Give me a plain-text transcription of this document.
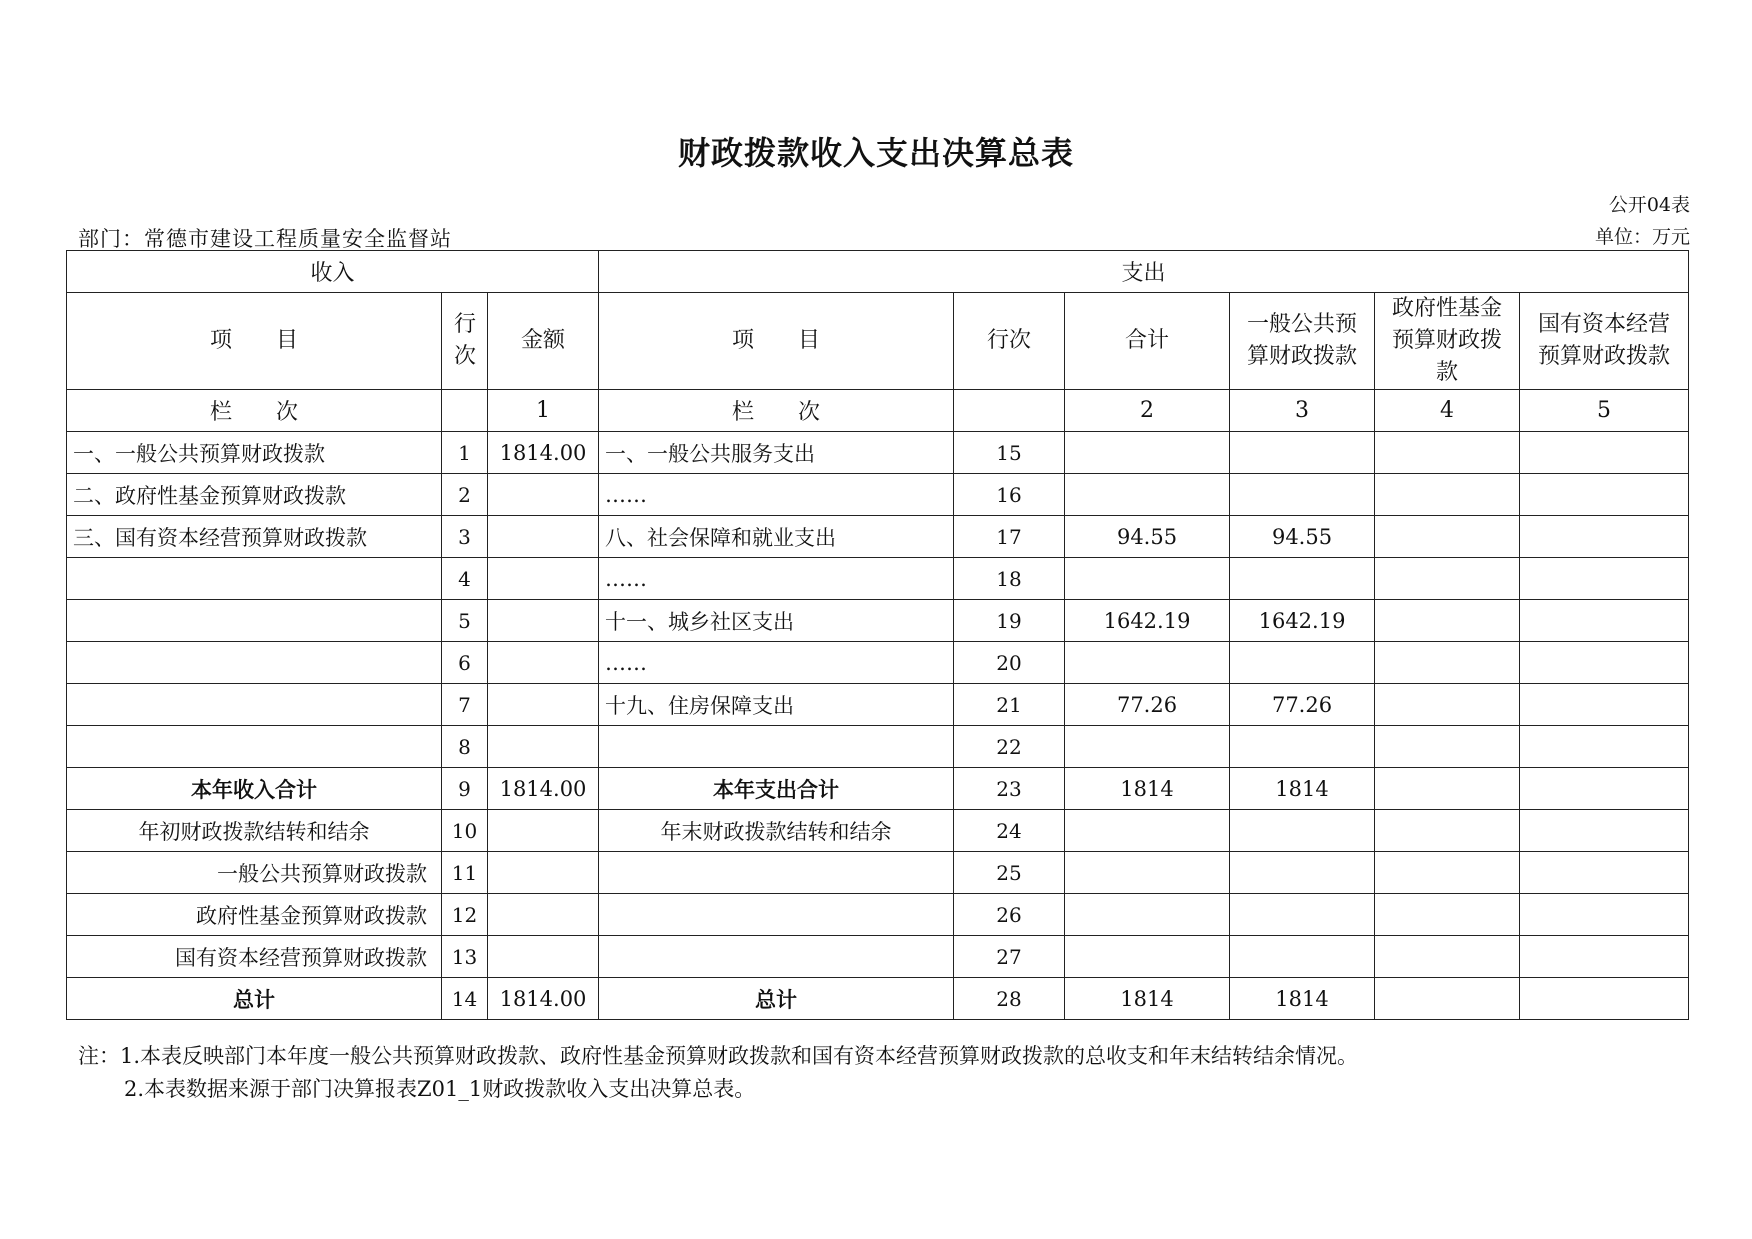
财政拨款收入支出决算总表
公开04表
部门：常德市建设工程质量安全监督站	单位：万元
收入			支出					
项　　目	行次	金额	项　　目	行次	合计	一般公共预算财政拨款	政府性基金预算财政拨款	国有资本经营预算财政拨款
栏　　次		1	栏　　次		2	3	4	5
一、一般公共预算财政拨款	1	1814.00	一、一般公共服务支出	15				
二、政府性基金预算财政拨款	2		……	16				
三、国有资本经营预算财政拨款	3		八、社会保障和就业支出	17	94.55	94.55		
	4		……	18				
	5		十一、城乡社区支出	19	1642.19	1642.19		
	6		……	20				
	7		十九、住房保障支出	21	77.26	77.26		
	8			22				
本年收入合计	9	1814.00	本年支出合计	23	1814	1814		
年初财政拨款结转和结余	10		年末财政拨款结转和结余	24				
一般公共预算财政拨款	11			25				
政府性基金预算财政拨款	12			26				
国有资本经营预算财政拨款	13			27				
总计	14	1814.00	总计	28	1814	1814		
注：1.本表反映部门本年度一般公共预算财政拨款、政府性基金预算财政拨款和国有资本经营预算财政拨款的总收支和年末结转结余情况。
2.本表数据来源于部门决算报表Z01_1财政拨款收入支出决算总表。
